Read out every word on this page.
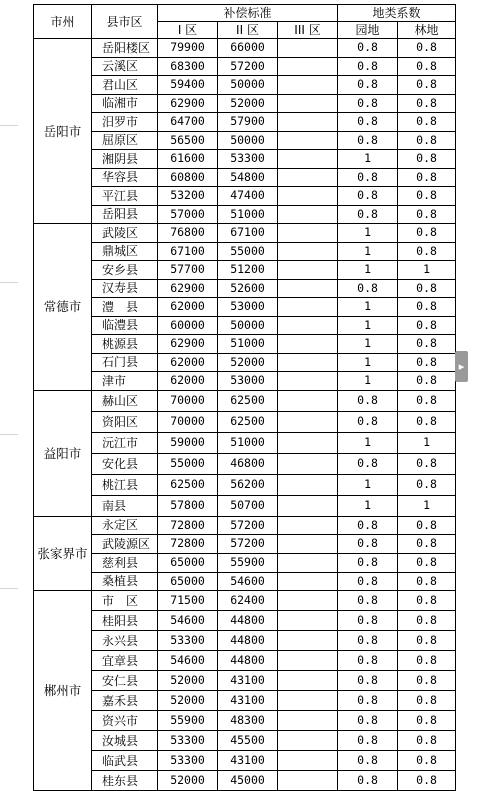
市州	县市区	补偿标准			地类系数	
		I 区	II 区	III 区	园地	林地
岳阳市	岳阳楼区	79900	66000		0.8	0.8
	云溪区	68300	57200		0.8	0.8
	君山区	59400	50000		0.8	0.8
	临湘市	62900	52000		0.8	0.8
	汨罗市	64700	57900		0.8	0.8
	屈原区	56500	50000		0.8	0.8
	湘阴县	61600	53300		1	0.8
	华容县	60800	54800		0.8	0.8
	平江县	53200	47400		0.8	0.8
	岳阳县	57000	51000		0.8	0.8
常德市	武陵区	76800	67100		1	0.8
	鼎城区	67100	55000		1	0.8
	安乡县	57700	51200		1	1
	汉寿县	62900	52600		0.8	0.8
	澧　县	62000	53000		1	0.8
	临澧县	60000	50000		1	0.8
	桃源县	62900	51000		1	0.8
	石门县	62000	52000		1	0.8
	津市	62000	53000		1	0.8
益阳市	赫山区	70000	62500		0.8	0.8
	资阳区	70000	62500		0.8	0.8
	沅江市	59000	51000		1	1
	安化县	55000	46800		0.8	0.8
	桃江县	62500	56200		1	0.8
	南县	57800	50700		1	1
张家界市	永定区	72800	57200		0.8	0.8
	武陵源区	72800	57200		0.8	0.8
	慈利县	65000	55900		0.8	0.8
	桑植县	65000	54600		0.8	0.8
郴州市	市　区	71500	62400		0.8	0.8
	桂阳县	54600	44800		0.8	0.8
	永兴县	53300	44800		0.8	0.8
	宜章县	54600	44800		0.8	0.8
	安仁县	52000	43100		0.8	0.8
	嘉禾县	52000	43100		0.8	0.8
	资兴市	55900	48300		0.8	0.8
	汝城县	53300	45500		0.8	0.8
	临武县	53300	43100		0.8	0.8
	桂东县	52000	45000		0.8	0.8
▸
